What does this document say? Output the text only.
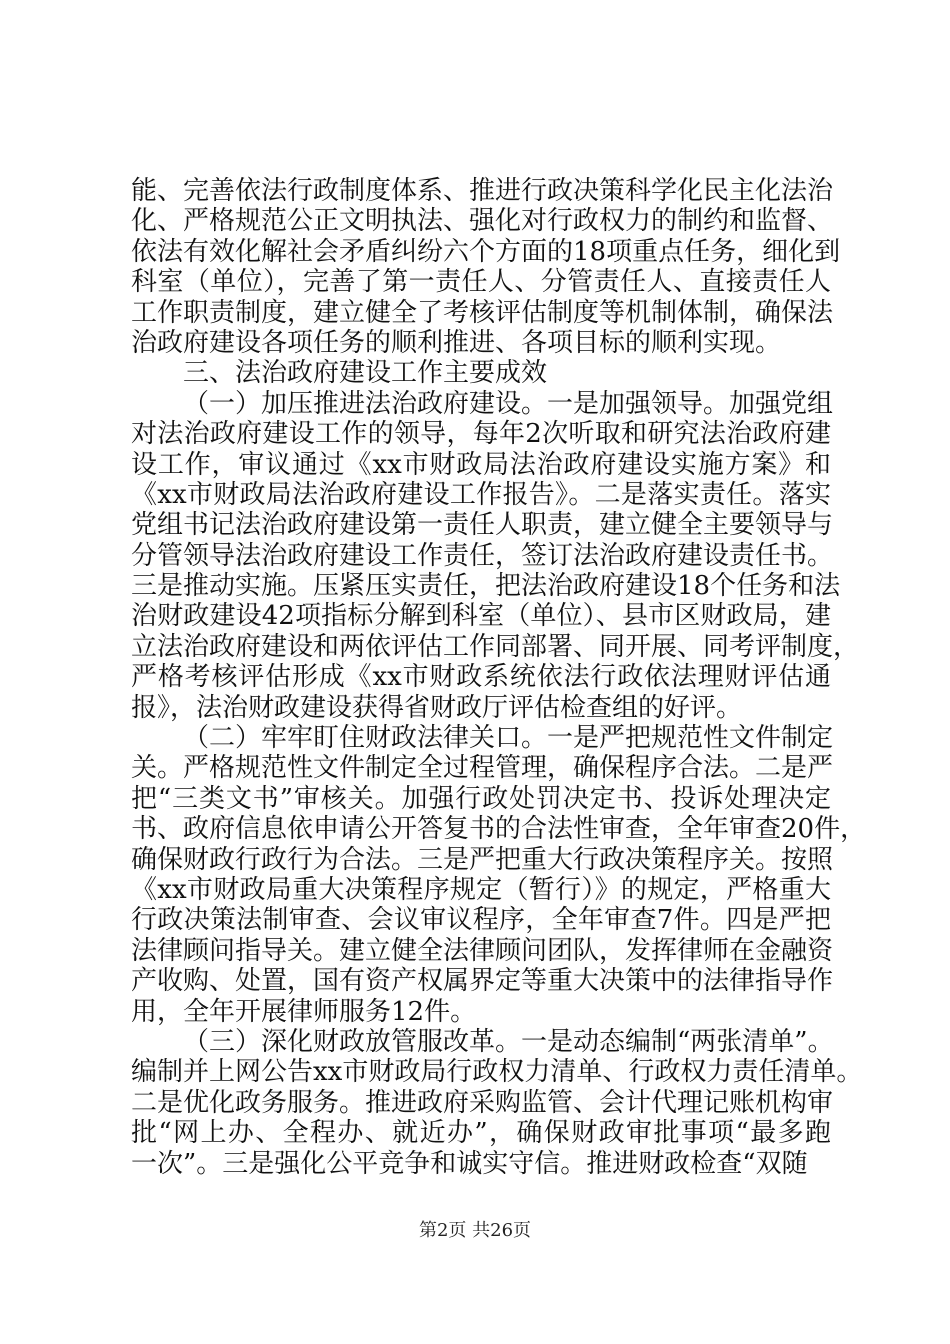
能、完善依法行政制度体系、推进行政决策科学化民主化法治
化、严格规范公正文明执法、强化对行政权力的制约和监督、
依法有效化解社会矛盾纠纷六个方面的18项重点任务，细化到
科室（单位），完善了第一责任人、分管责任人、直接责任人
工作职责制度，建立健全了考核评估制度等机制体制，确保法
治政府建设各项任务的顺利推进、各项目标的顺利实现。
三、法治政府建设工作主要成效
（一）加压推进法治政府建设。一是加强领导。加强党组
对法治政府建设工作的领导，每年2次听取和研究法治政府建
设工作，审议通过《xx市财政局法治政府建设实施方案》和
《xx市财政局法治政府建设工作报告》。二是落实责任。落实
党组书记法治政府建设第一责任人职责，建立健全主要领导与
分管领导法治政府建设工作责任，签订法治政府建设责任书。
三是推动实施。压紧压实责任，把法治政府建设18个任务和法
治财政建设42项指标分解到科室（单位）、县市区财政局，建
立法治政府建设和两依评估工作同部署、同开展、同考评制度，
严格考核评估形成《xx市财政系统依法行政依法理财评估通
报》，法治财政建设获得省财政厅评估检查组的好评。
（二）牢牢盯住财政法律关口。一是严把规范性文件制定
关。严格规范性文件制定全过程管理，确保程序合法。二是严
把“三类文书”审核关。加强行政处罚决定书、投诉处理决定
书、政府信息依申请公开答复书的合法性审查，全年审查20件，
确保财政行政行为合法。三是严把重大行政决策程序关。按照
《xx市财政局重大决策程序规定（暂行）》的规定，严格重大
行政决策法制审查、会议审议程序，全年审查7件。四是严把
法律顾问指导关。建立健全法律顾问团队，发挥律师在金融资
产收购、处置，国有资产权属界定等重大决策中的法律指导作
用，全年开展律师服务12件。
（三）深化财政放管服改革。一是动态编制“两张清单”。
编制并上网公告xx市财政局行政权力清单、行政权力责任清单。
二是优化政务服务。推进政府采购监管、会计代理记账机构审
批“网上办、全程办、就近办”，确保财政审批事项“最多跑
一次”。三是强化公平竞争和诚实守信。推进财政检查“双随
第2页 共26页
